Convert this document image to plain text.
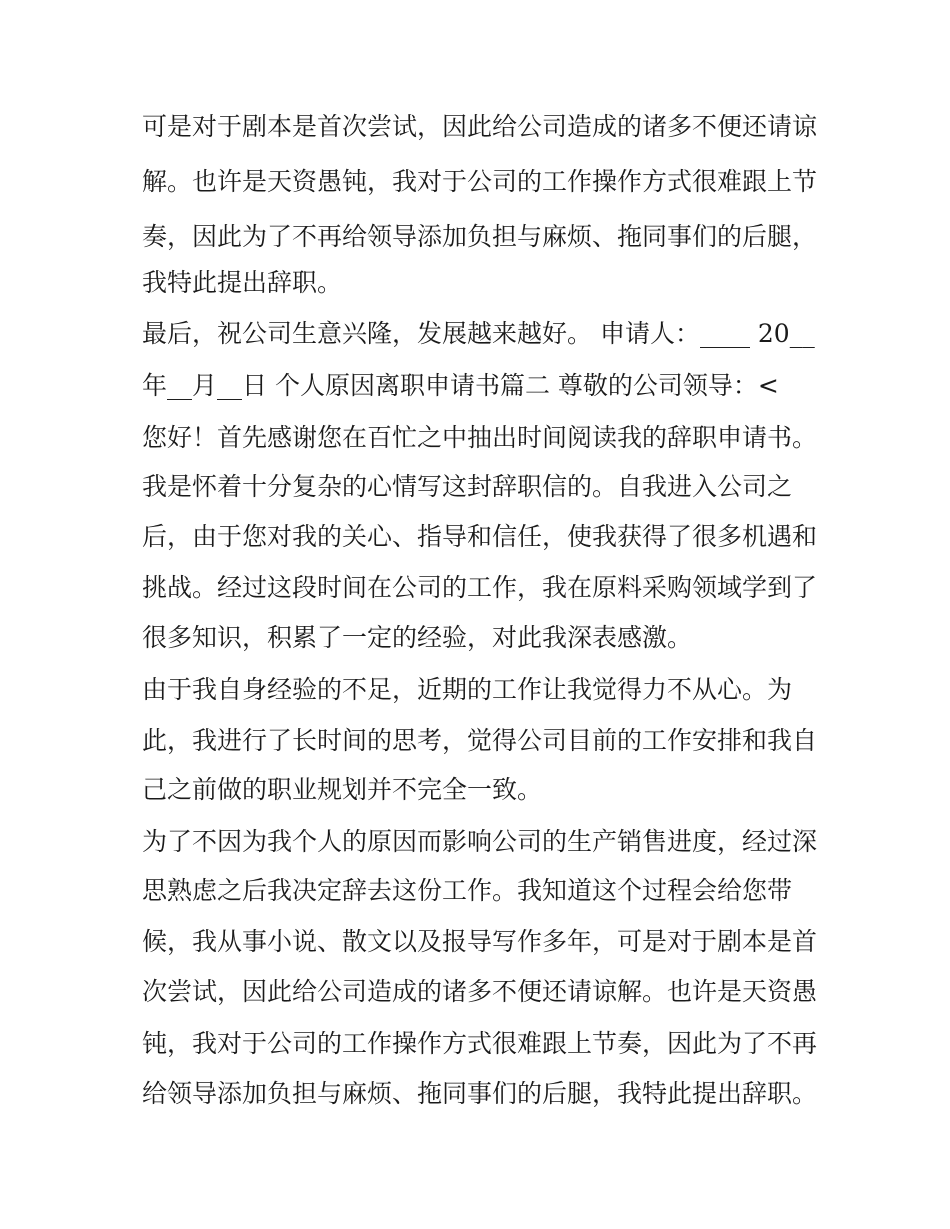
可是对于剧本是首次尝试，因此给公司造成的诸多不便还请谅
解。也许是天资愚钝，我对于公司的工作操作方式很难跟上节
奏，因此为了不再给领导添加负担与麻烦、拖同事们的后腿，
我特此提出辞职。
最后，祝公司生意兴隆，发展越来越好。 申请人：____ 20__
年__月__日 个人原因离职申请书篇二 尊敬的公司领导：<
您好！首先感谢您在百忙之中抽出时间阅读我的辞职申请书。
我是怀着十分复杂的心情写这封辞职信的。自我进入公司之
后，由于您对我的关心、指导和信任，使我获得了很多机遇和
挑战。经过这段时间在公司的工作，我在原料采购领域学到了
很多知识，积累了一定的经验，对此我深表感激。
由于我自身经验的不足，近期的工作让我觉得力不从心。为
此，我进行了长时间的思考，觉得公司目前的工作安排和我自
己之前做的职业规划并不完全一致。
为了不因为我个人的原因而影响公司的生产销售进度，经过深
思熟虑之后我决定辞去这份工作。我知道这个过程会给您带
候，我从事小说、散文以及报导写作多年，可是对于剧本是首
次尝试，因此给公司造成的诸多不便还请谅解。也许是天资愚
钝，我对于公司的工作操作方式很难跟上节奏，因此为了不再
给领导添加负担与麻烦、拖同事们的后腿，我特此提出辞职。
